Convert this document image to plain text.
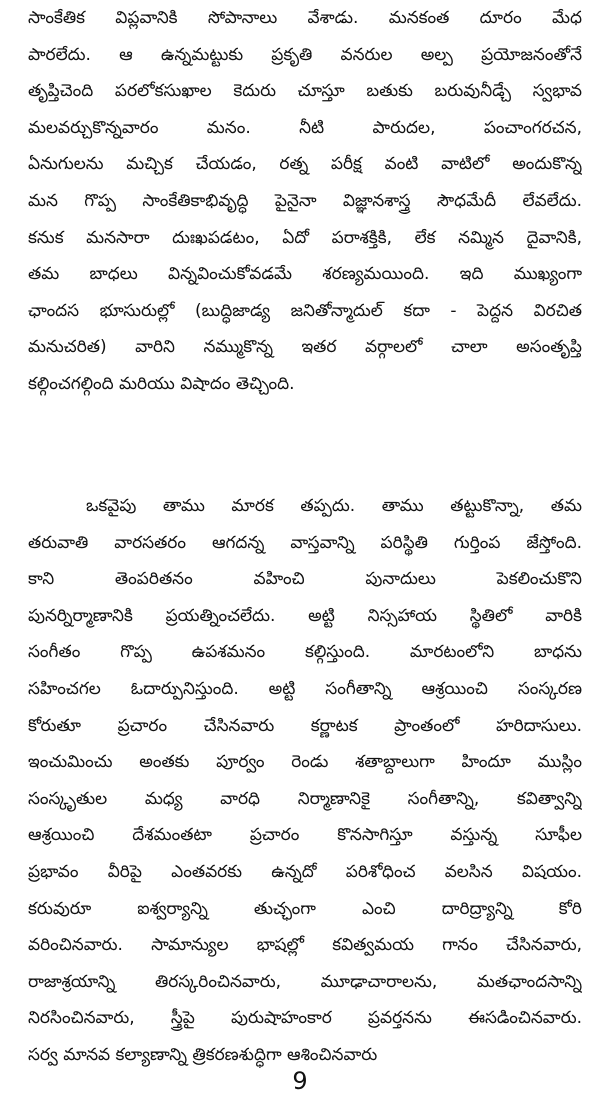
సాంకేతిక విప్లవానికి సోపానాలు వేశాడు. మనకంత దూరం మేధ
పారలేదు. ఆ ఉన్నమట్టుకు ప్రకృతి వనరుల అల్ప ప్రయోజనంతోనే
తృప్తిచెంది పరలోకసుఖాల కెదురు చూస్తూ బతుకు బరువునీడ్చే స్వభావ
మలవర్చుకొన్నవారం మనం. నీటి పారుదల, పంచాంగరచన,
ఏనుగులను మచ్చిక చేయడం, రత్న పరీక్ష వంటి వాటిలో అందుకొన్న
మన గొప్ప సాంకేతికాభివృద్ధి పైనైనా విజ్ఞానశాస్త్ర సౌధమేదీ లేవలేదు.
కనుక మనసారా దుఃఖపడటం, ఏదో పరాశక్తికి, లేక నమ్మిన దైవానికి,
తమ బాధలు విన్నవించుకోవడమే శరణ్యమయింది. ఇది ముఖ్యంగా
ఛాందస భూసురుల్లో (బుద్ధిజాడ్య జనితోన్మాదుల్ కదా - పెద్దన విరచిత
మనుచరిత) వారిని నమ్ముకొన్న ఇతర వర్గాలలో చాలా అసంతృప్తి
కల్గించగల్గింది మరియు విషాదం తెచ్చింది.
ఒకవైపు తాము మారక తప్పదు. తాము తట్టుకొన్నా, తమ
తరువాతి వారసతరం ఆగదన్న వాస్తవాన్ని పరిస్థితి గుర్తింప జేస్తోంది.
కాని తెంపరితనం వహించి పునాదులు పెకలించుకొని
పునర్నిర్మాణానికి ప్రయత్నించలేదు. అట్టి నిస్సహాయ స్థితిలో వారికి
సంగీతం గొప్ప ఉపశమనం కల్గిస్తుంది. మారటంలోని బాధను
సహించగల ఓదార్పునిస్తుంది. అట్టి సంగీతాన్ని ఆశ్రయించి సంస్కరణ
కోరుతూ ప్రచారం చేసినవారు కర్ణాటక ప్రాంతంలో హరిదాసులు.
ఇంచుమించు అంతకు పూర్వం రెండు శతాబ్దాలుగా హిందూ ముస్లిం
సంస్కృతుల మధ్య వారధి నిర్మాణానికై సంగీతాన్ని, కవిత్వాన్ని
ఆశ్రయించి దేశమంతటా ప్రచారం కొనసాగిస్తూ వస్తున్న సూఫీల
ప్రభావం వీరిపై ఎంతవరకు ఉన్నదో పరిశోధించ వలసిన విషయం.
కరువురూ ఐశ్వర్యాన్ని తుచ్ఛంగా ఎంచి దారిద్ర్యాన్ని కోరి
వరించినవారు. సామాన్యుల భాషల్లో కవిత్వమయ గానం చేసినవారు,
రాజాశ్రయాన్ని తిరస్కరించినవారు, మూఢాచారాలను, మతఛాందసాన్ని
నిరసించినవారు, స్త్రీపై పురుషాహంకార ప్రవర్తనను ఈసడించినవారు.
సర్వ మానవ కల్యాణాన్ని త్రికరణశుద్ధిగా ఆశించినవారు
9
